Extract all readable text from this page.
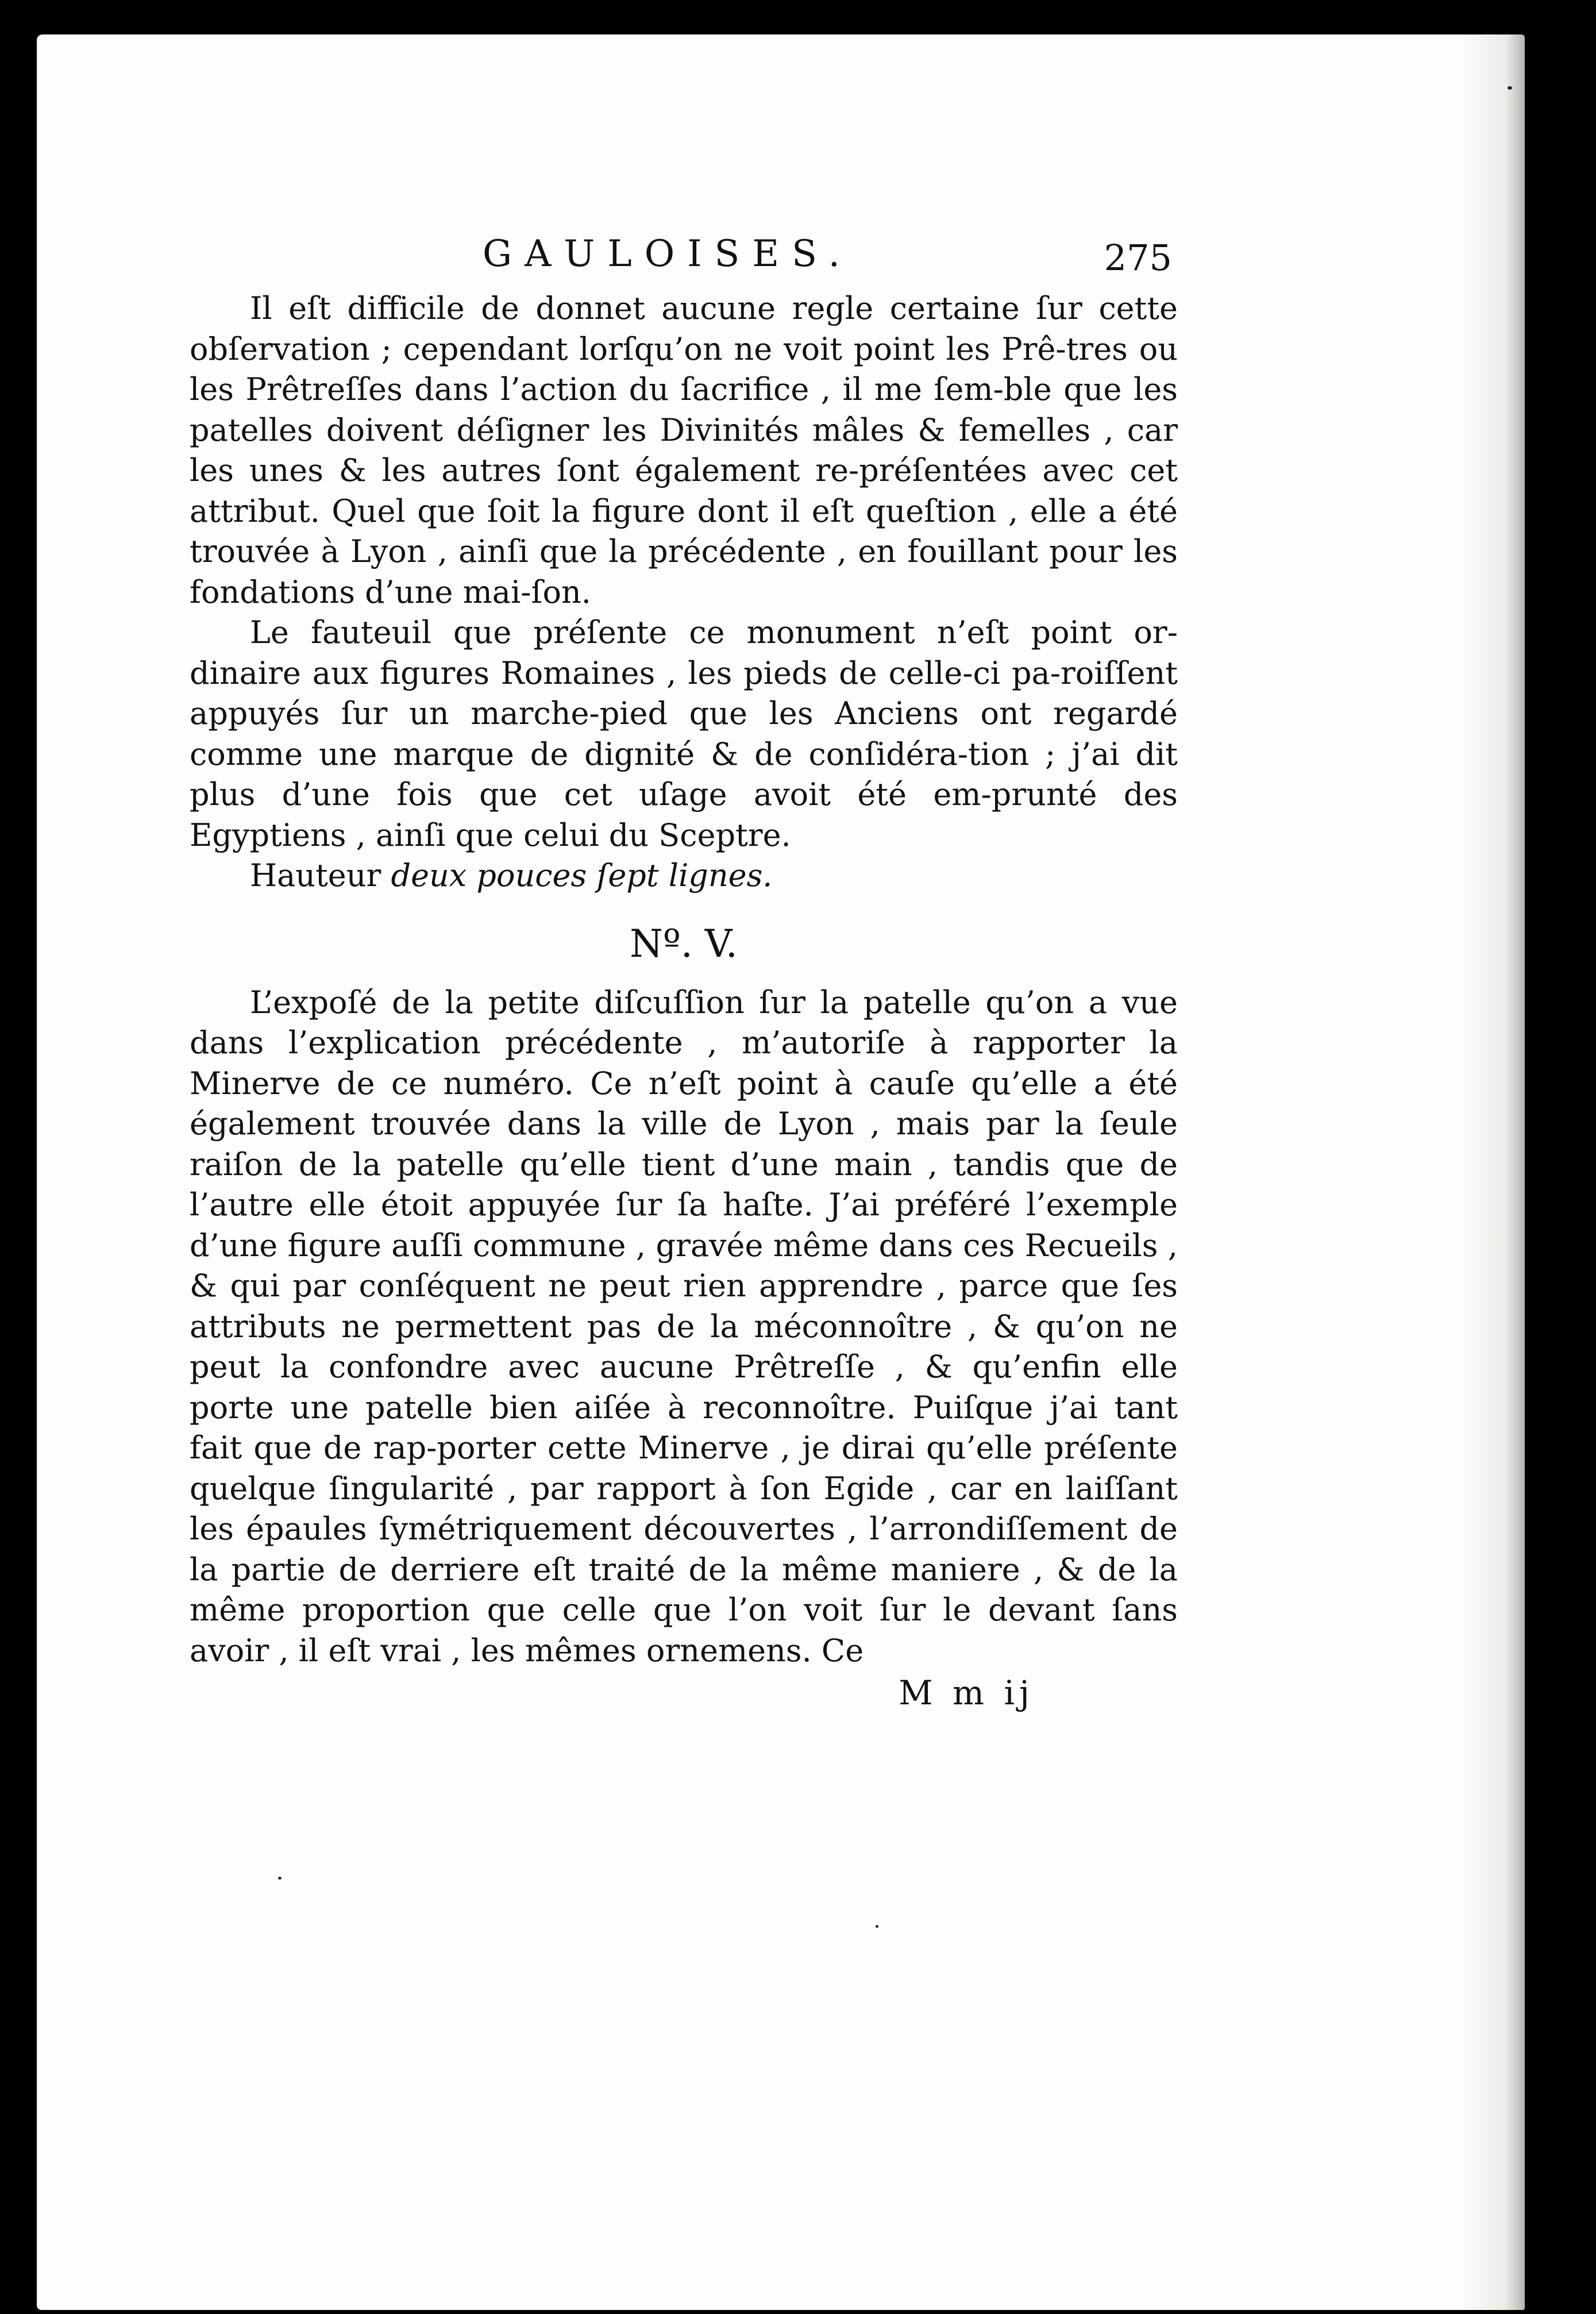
GAULOISES.	275

Il eſt difficile de donnet aucune regle certaine ſur cette obſervation ; cependant lorſqu’on ne voit point les Prê-tres ou les Prêtreſſes dans l’action du ſacrifice , il me ſem-ble que les patelles doivent déſigner les Divinités mâles & femelles , car les unes & les autres ſont également re-préſentées avec cet attribut. Quel que ſoit la figure dont il eſt queſtion , elle a été trouvée à Lyon , ainſi que la précédente , en fouillant pour les fondations d’une mai-ſon.

Le fauteuil que préſente ce monument n’eſt point or-dinaire aux figures Romaines , les pieds de celle-ci pa-roiſſent appuyés ſur un marche-pied que les Anciens ont regardé comme une marque de dignité & de conſidéra-tion ; j’ai dit plus d’une fois que cet uſage avoit été em-prunté des Egyptiens , ainſi que celui du Sceptre.

Hauteur deux pouces ſept lignes.

Nº. V.

L’expoſé de la petite diſcuſſion ſur la patelle qu’on a vue dans l’explication précédente , m’autoriſe à rapporter la Minerve de ce numéro. Ce n’eſt point à cauſe qu’elle a été également trouvée dans la ville de Lyon , mais par la ſeule raiſon de la patelle qu’elle tient d’une main , tandis que de l’autre elle étoit appuyée ſur ſa haſte. J’ai préféré l’exemple d’une figure auſſi commune , gravée même dans ces Recueils , & qui par conſéquent ne peut rien apprendre , parce que ſes attributs ne permettent pas de la méconnoître , & qu’on ne peut la confondre avec aucune Prêtreſſe , & qu’enfin elle porte une patelle bien aiſée à reconnoître. Puiſque j’ai tant fait que de rap-porter cette Minerve , je dirai qu’elle préſente quelque ſingularité , par rapport à ſon Egide , car en laiſſant les épaules ſymétriquement découvertes , l’arrondiſſement de la partie de derriere eſt traité de la même maniere , & de la même proportion que celle que l’on voit ſur le devant ſans avoir , il eſt vrai , les mêmes ornemens. Ce

M m ij
